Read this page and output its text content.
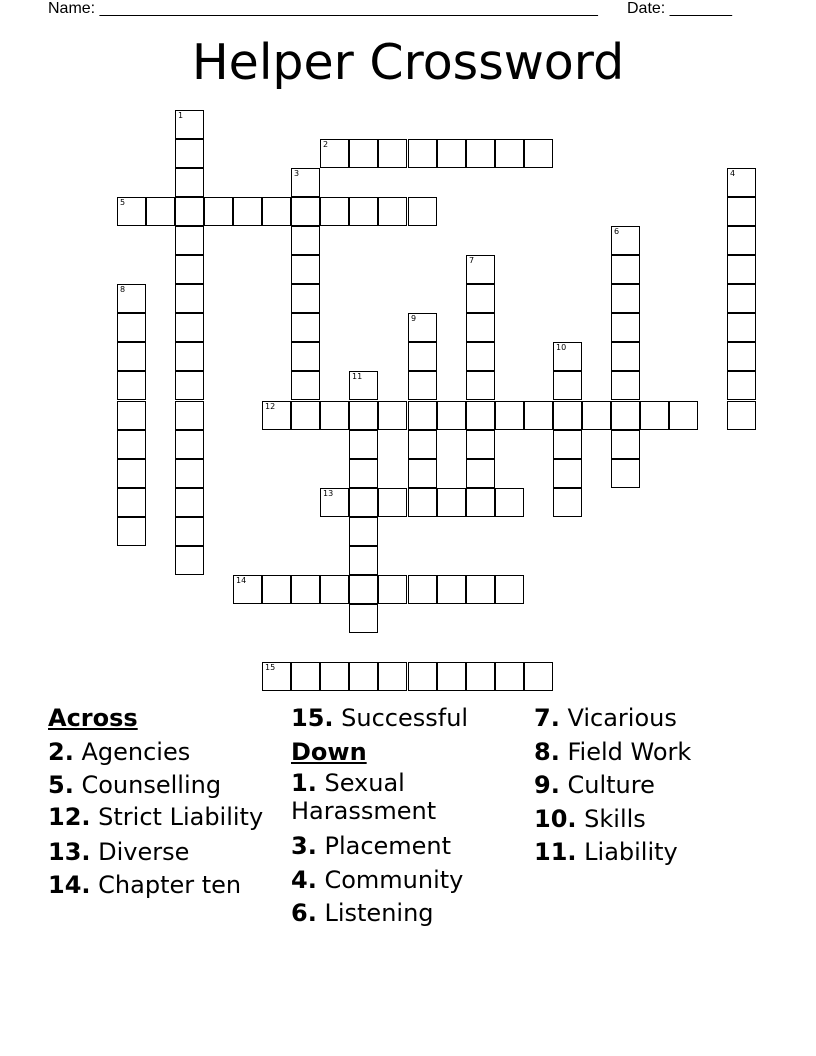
Name: ________________________________________________________ Date: _______
Helper Crossword
1
2
3	4
5
6
7
8
9
10
11
12
13
14
15
Across
2. Agencies
5. Counselling
12. Strict Liability
13. Diverse
14. Chapter ten
15. Successful
Down
1. Sexual Harassment
3. Placement
4. Community
6. Listening
7. Vicarious
8. Field Work
9. Culture
10. Skills
11. Liability
